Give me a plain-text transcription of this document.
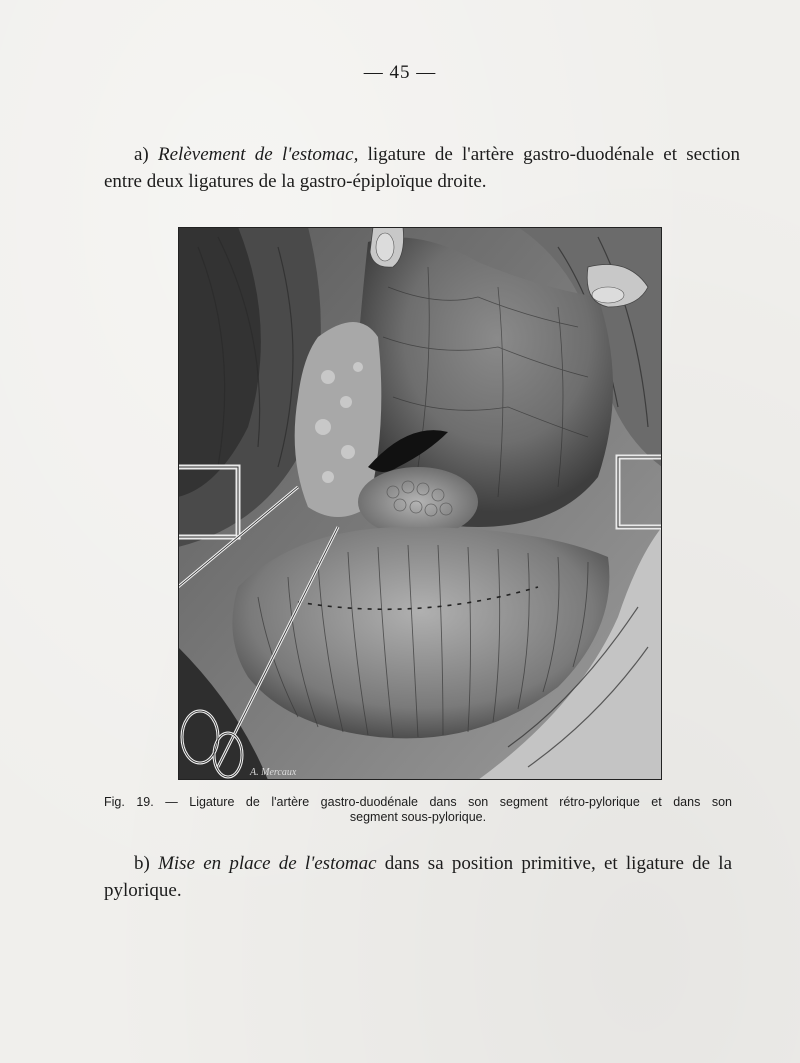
— 45 —
a) Relèvement de l'estomac, ligature de l'artère gastro-duodénale et section entre deux ligatures de la gastro-épiploïque droite.
A. Mercaux
Fig. 19. — Ligature de l'artère gastro-duodénale dans son segment rétro-pylorique et dans son
segment sous-pylorique.
b) Mise en place de l'estomac dans sa position primitive, et ligature de la pylorique.
